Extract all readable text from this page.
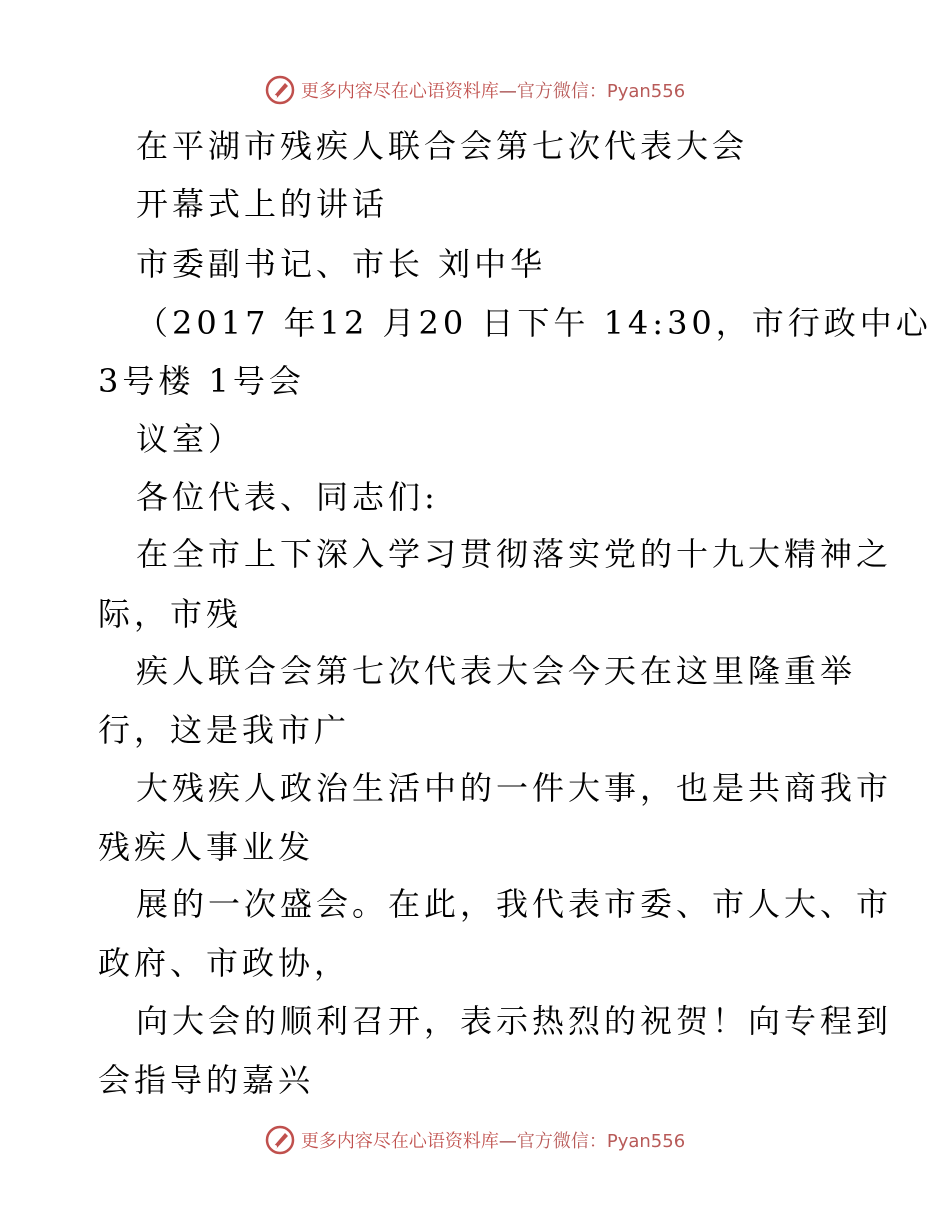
更多内容尽在心语资料库—官方微信：Pyan556
在平湖市残疾人联合会第七次代表大会
开幕式上的讲话
市委副书记、市长 刘中华
（2017 年12 月20 日下午 14:30，市行政中心
3号楼 1号会
议室）
各位代表、同志们:
在全市上下深入学习贯彻落实党的十九大精神之
际，市残
疾人联合会第七次代表大会今天在这里隆重举
行，这是我市广
大残疾人政治生活中的一件大事，也是共商我市
残疾人事业发
展的一次盛会。在此，我代表市委、市人大、市
政府、市政协，
向大会的顺利召开，表示热烈的祝贺！向专程到
会指导的嘉兴
更多内容尽在心语资料库—官方微信：Pyan556
